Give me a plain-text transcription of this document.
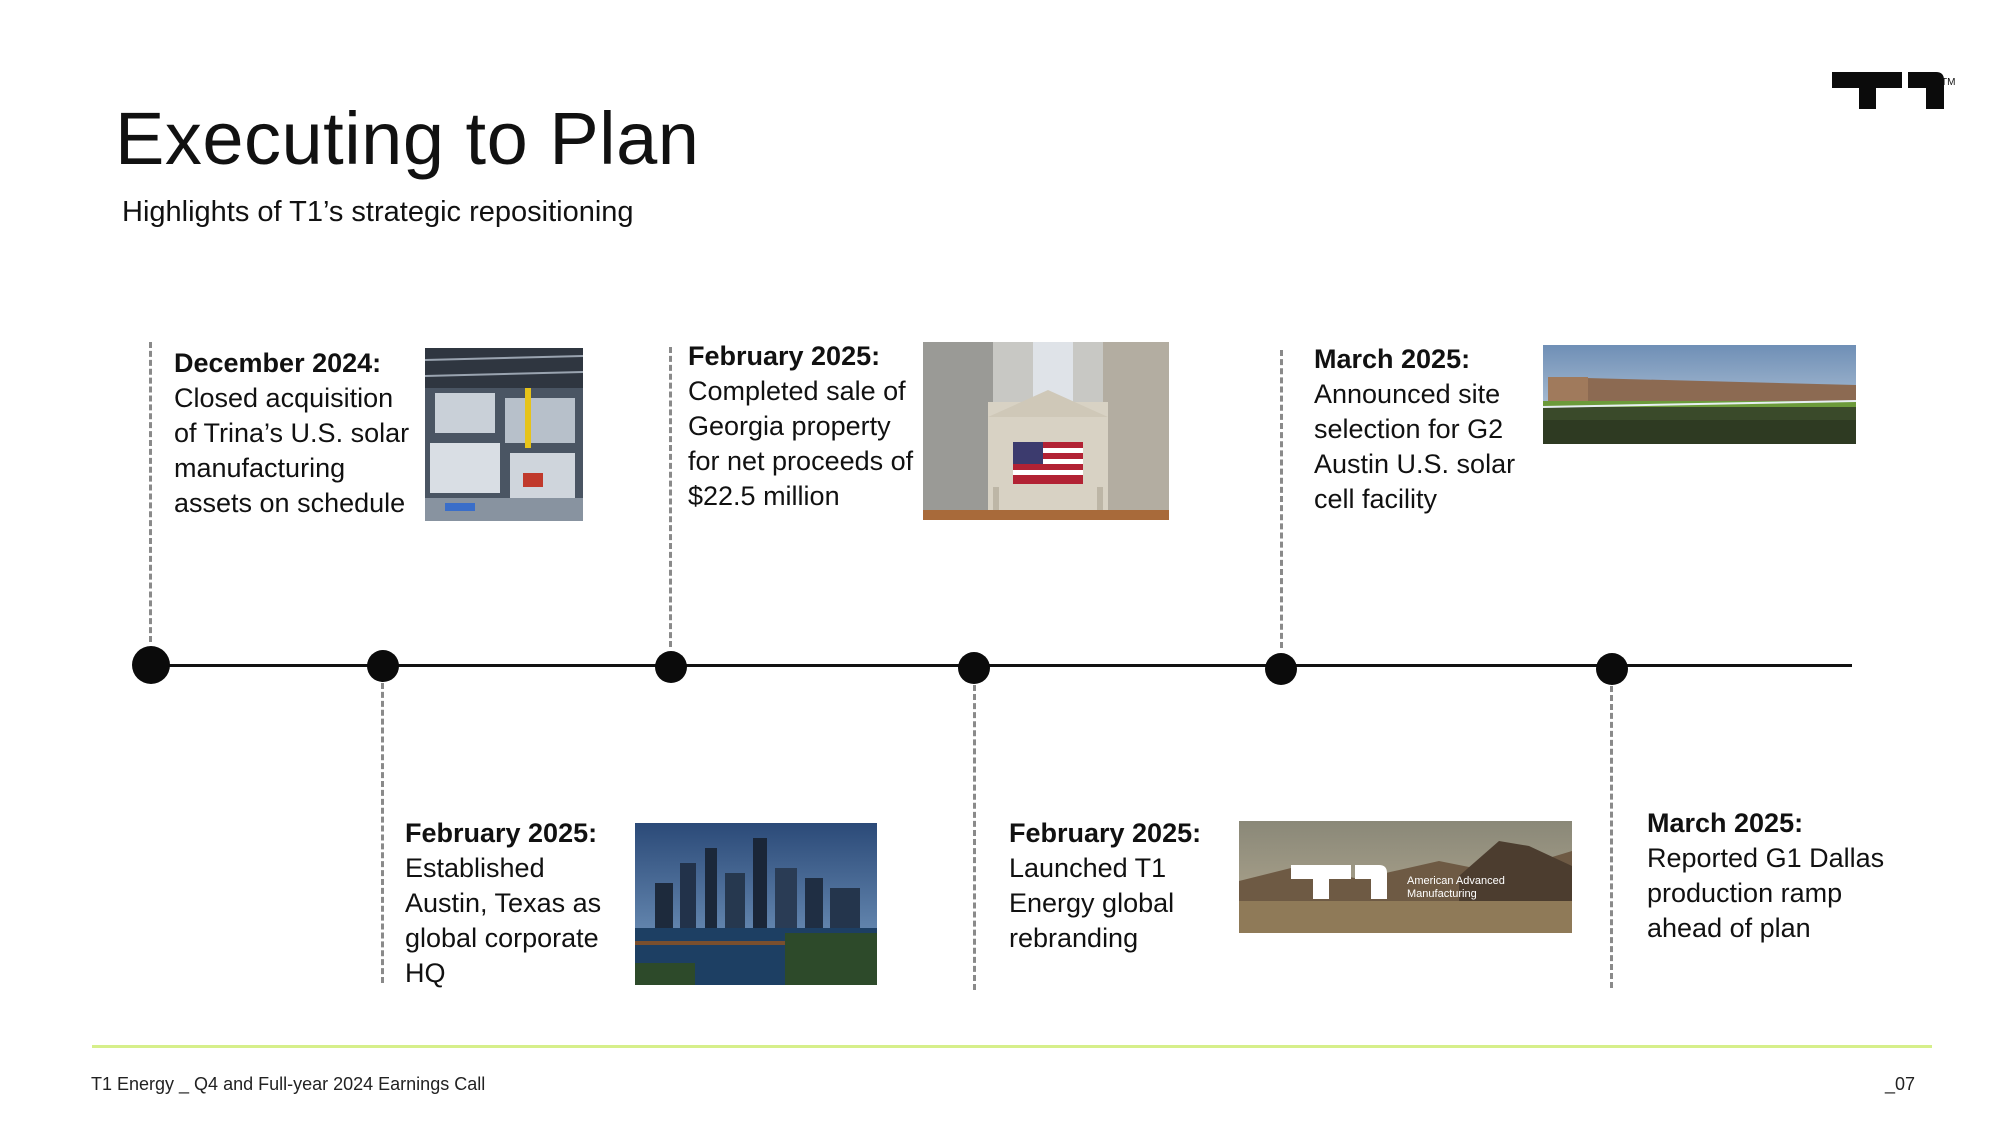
Executing to Plan
Highlights of T1’s strategic repositioning
TM
December 2024:
Closed acquisition of Trina’s U.S. solar manufacturing assets on schedule
February 2025:
Established Austin, Texas as global corporate HQ
February 2025:
Completed sale of Georgia property for net proceeds of $22.5 million
February 2025:
Launched T1 Energy global rebranding
American Advanced Manufacturing
March 2025:
Announced site selection for G2 Austin U.S. solar cell facility
March 2025:
Reported G1 Dallas production ramp ahead of plan
T1 Energy _ Q4 and Full-year 2024 Earnings Call	_07
